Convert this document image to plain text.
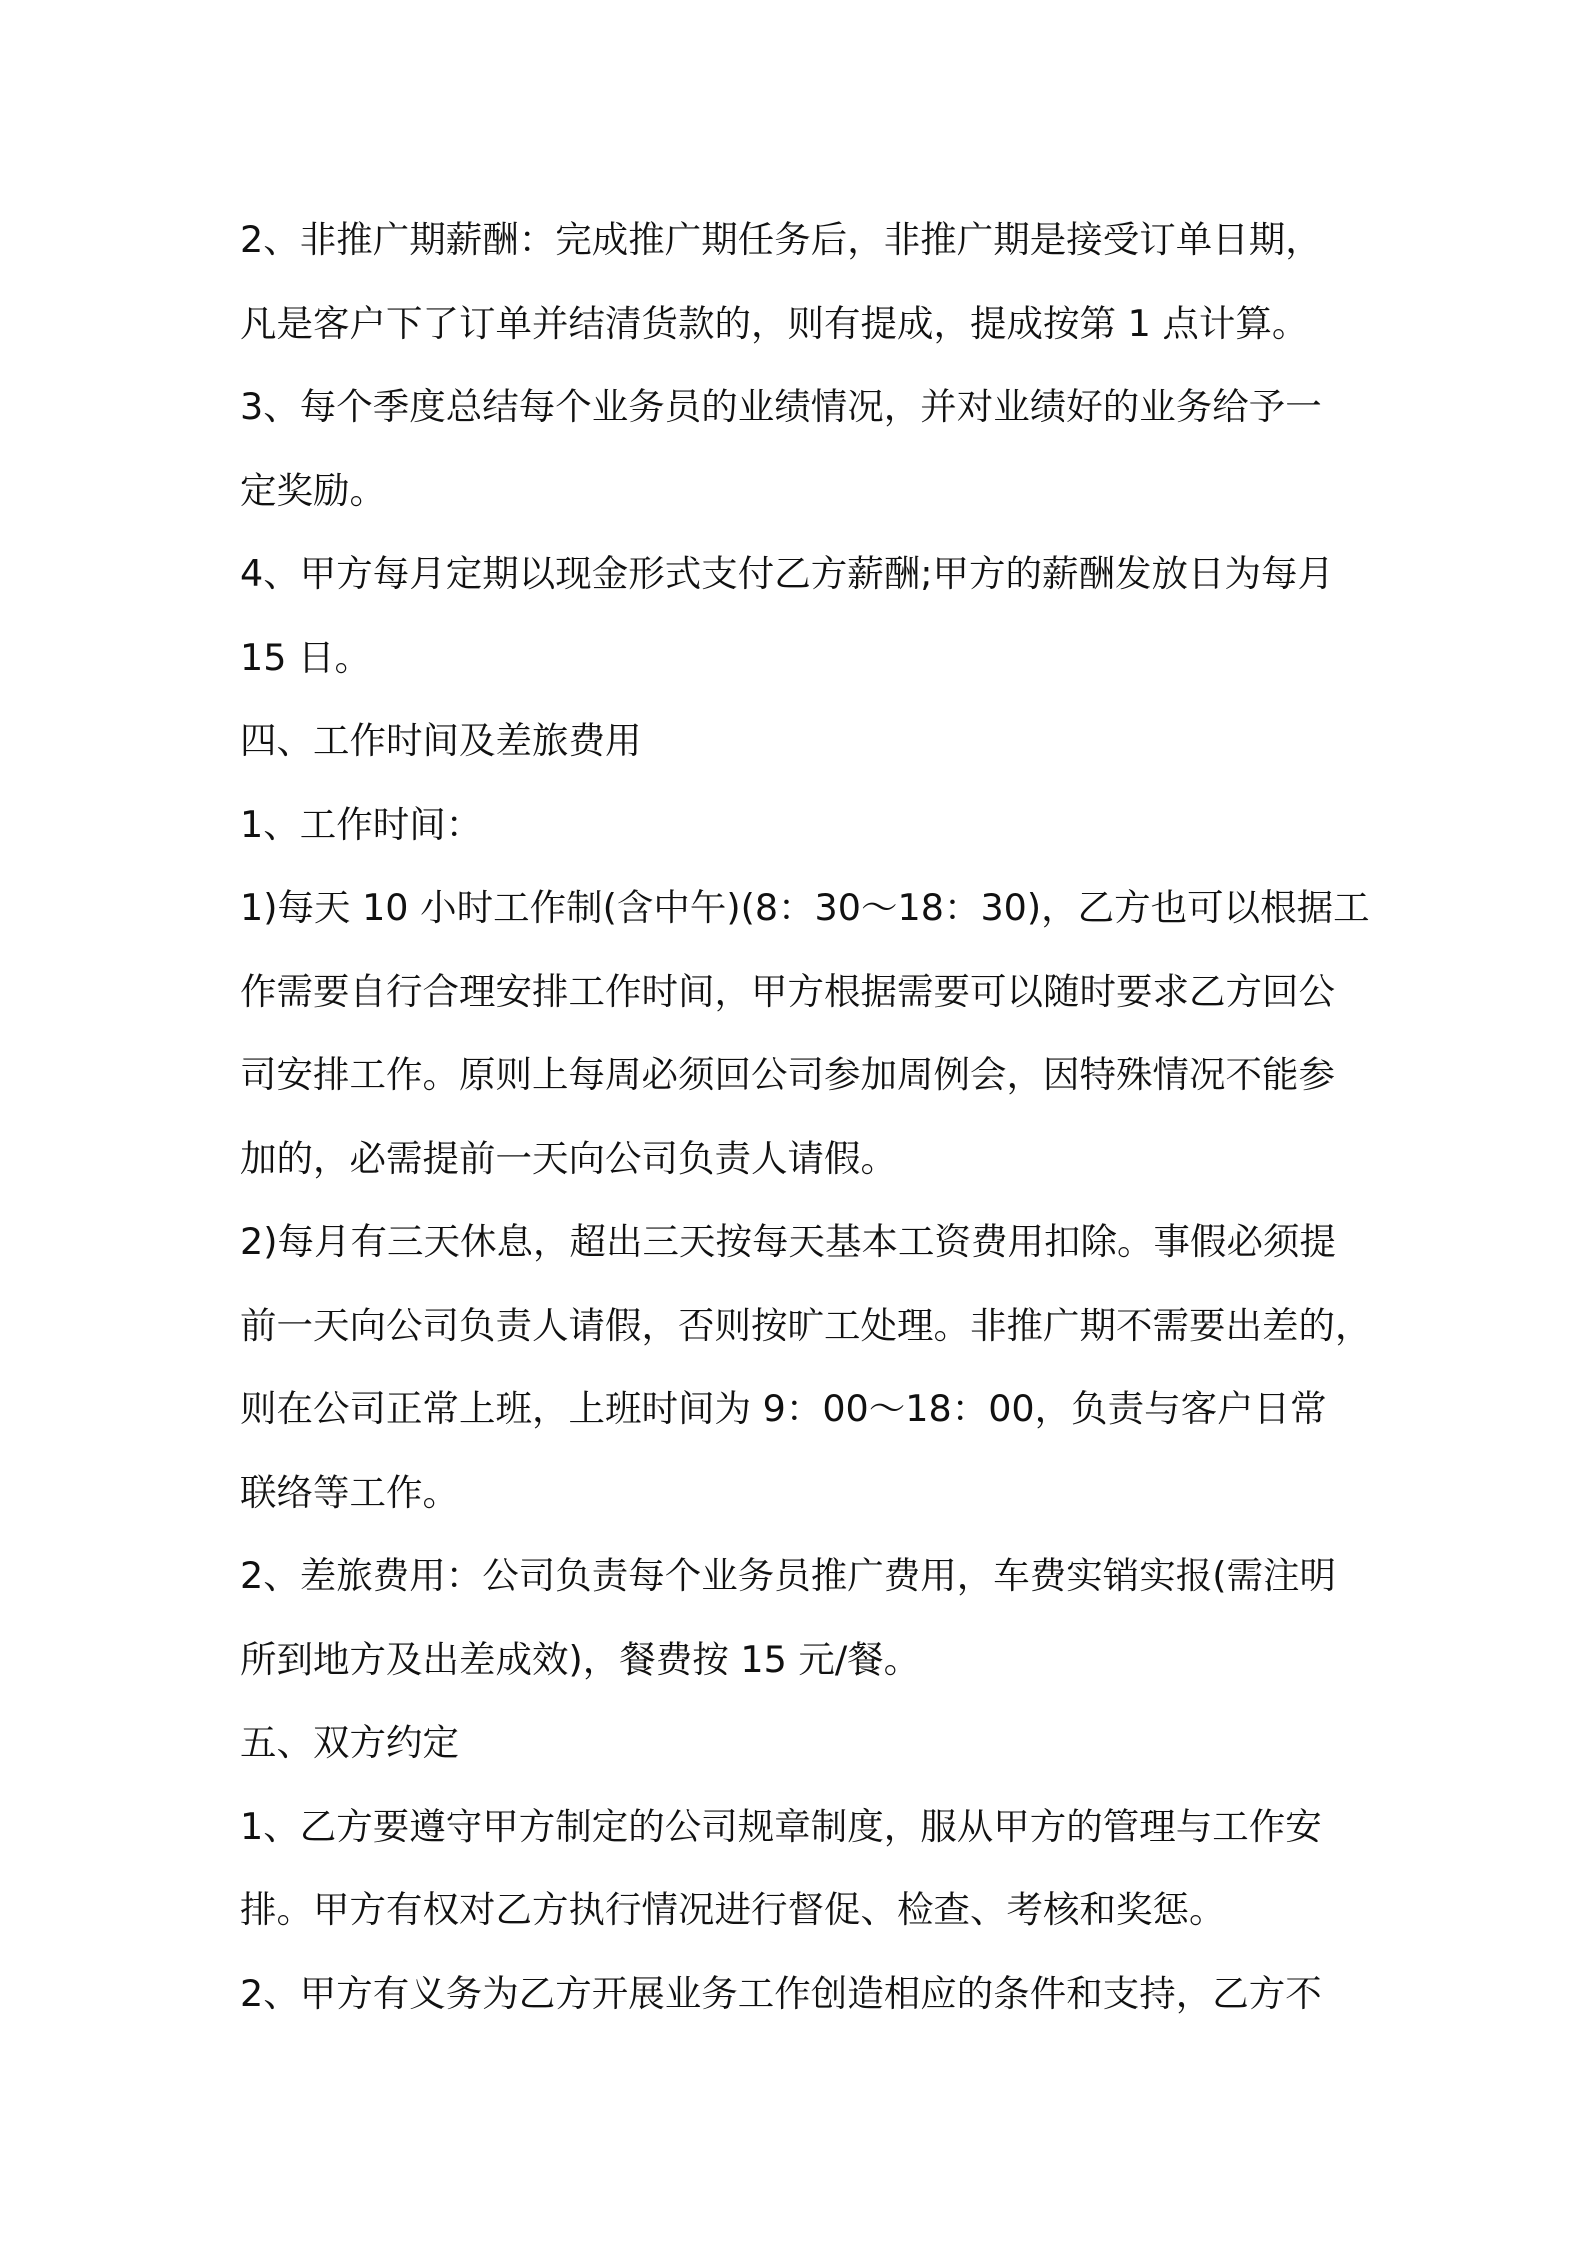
2、非推广期薪酬：完成推广期任务后，非推广期是接受订单日期，
凡是客户下了订单并结清货款的，则有提成，提成按第 1 点计算。
3、每个季度总结每个业务员的业绩情况，并对业绩好的业务给予一
定奖励。
4、甲方每月定期以现金形式支付乙方薪酬;甲方的薪酬发放日为每月
15 日。
四、工作时间及差旅费用
1、工作时间：
1)每天 10 小时工作制(含中午)(8：30～18：30)，乙方也可以根据工
作需要自行合理安排工作时间，甲方根据需要可以随时要求乙方回公
司安排工作。原则上每周必须回公司参加周例会，因特殊情况不能参
加的，必需提前一天向公司负责人请假。
2)每月有三天休息，超出三天按每天基本工资费用扣除。事假必须提
前一天向公司负责人请假，否则按旷工处理。非推广期不需要出差的，
则在公司正常上班，上班时间为 9：00～18：00，负责与客户日常
联络等工作。
2、差旅费用：公司负责每个业务员推广费用，车费实销实报(需注明
所到地方及出差成效)，餐费按 15 元/餐。
五、双方约定
1、乙方要遵守甲方制定的公司规章制度，服从甲方的管理与工作安
排。甲方有权对乙方执行情况进行督促、检查、考核和奖惩。
2、甲方有义务为乙方开展业务工作创造相应的条件和支持，乙方不
